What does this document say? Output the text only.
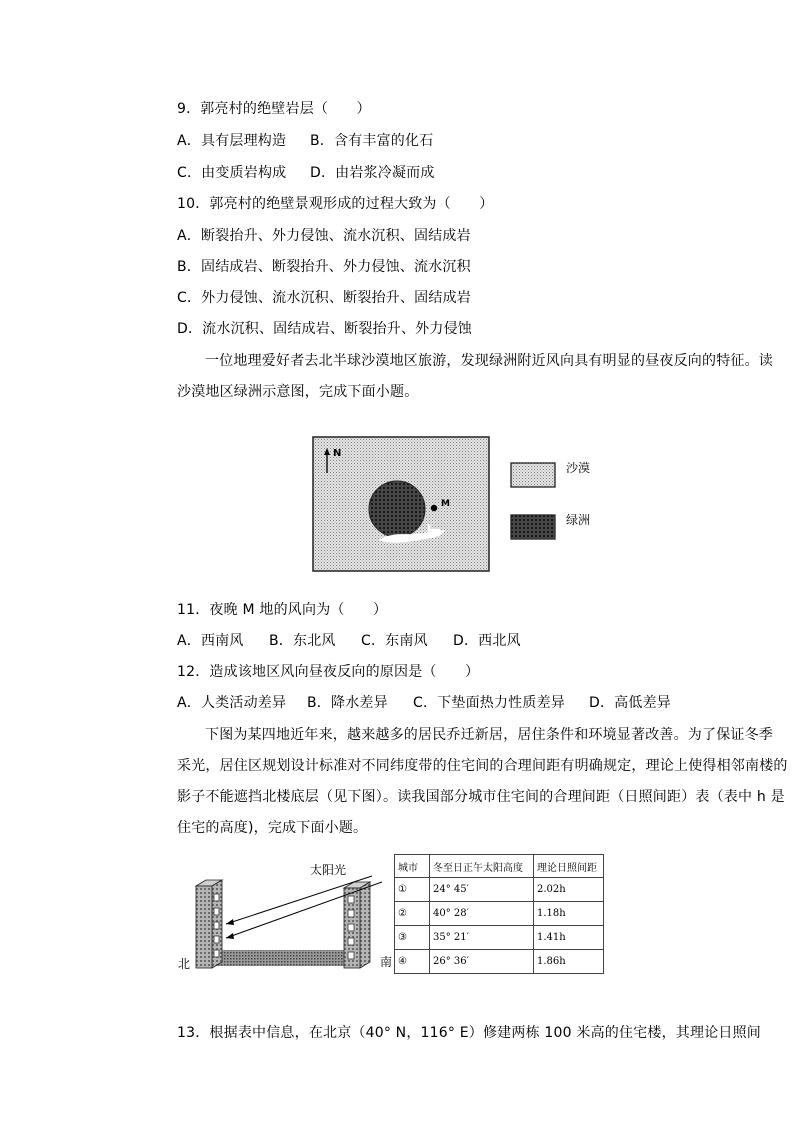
9．郭亮村的绝壁岩层（　　）
A．具有层理构造 B．含有丰富的化石
C．由变质岩构成 D．由岩浆冷凝而成
10．郭亮村的绝壁景观形成的过程大致为（　　）
A．断裂抬升、外力侵蚀、流水沉积、固结成岩
B．固结成岩、断裂抬升、外力侵蚀、流水沉积
C．外力侵蚀、流水沉积、断裂抬升、固结成岩
D．流水沉积、固结成岩、断裂抬升、外力侵蚀
一位地理爱好者去北半球沙漠地区旅游，发现绿洲附近风向具有明显的昼夜反向的特征。读
沙漠地区绿洲示意图，完成下面小题。
M
N
沙漠
绿洲
11．夜晚 M 地的风向为（　　）
A．西南风 B．东北风 C．东南风 D．西北风
12．造成该地区风向昼夜反向的原因是（　　）
A．人类活动差异 B．降水差异 C．下垫面热力性质差异 D．高低差异
下图为某四地近年来，越来越多的居民乔迁新居，居住条件和环境显著改善。为了保证冬季
采光，居住区规划设计标准对不同纬度带的住宅间的合理间距有明确规定，理论上使得相邻南楼的
影子不能遮挡北楼底层（见下图）。读我国部分城市住宅间的合理间距（日照间距）表（表中 h 是
住宅的高度)，完成下面小题。
太阳光
北	南
城市	冬至日正午太阳高度	理论日照间距
①	24° 45′	2.02h
②	40° 28′	1.18h
③	35° 21′	1.41h
④	26° 36′	1.86h
13．根据表中信息，在北京（40° N，116° E）修建两栋 100 米高的住宅楼，其理论日照间
